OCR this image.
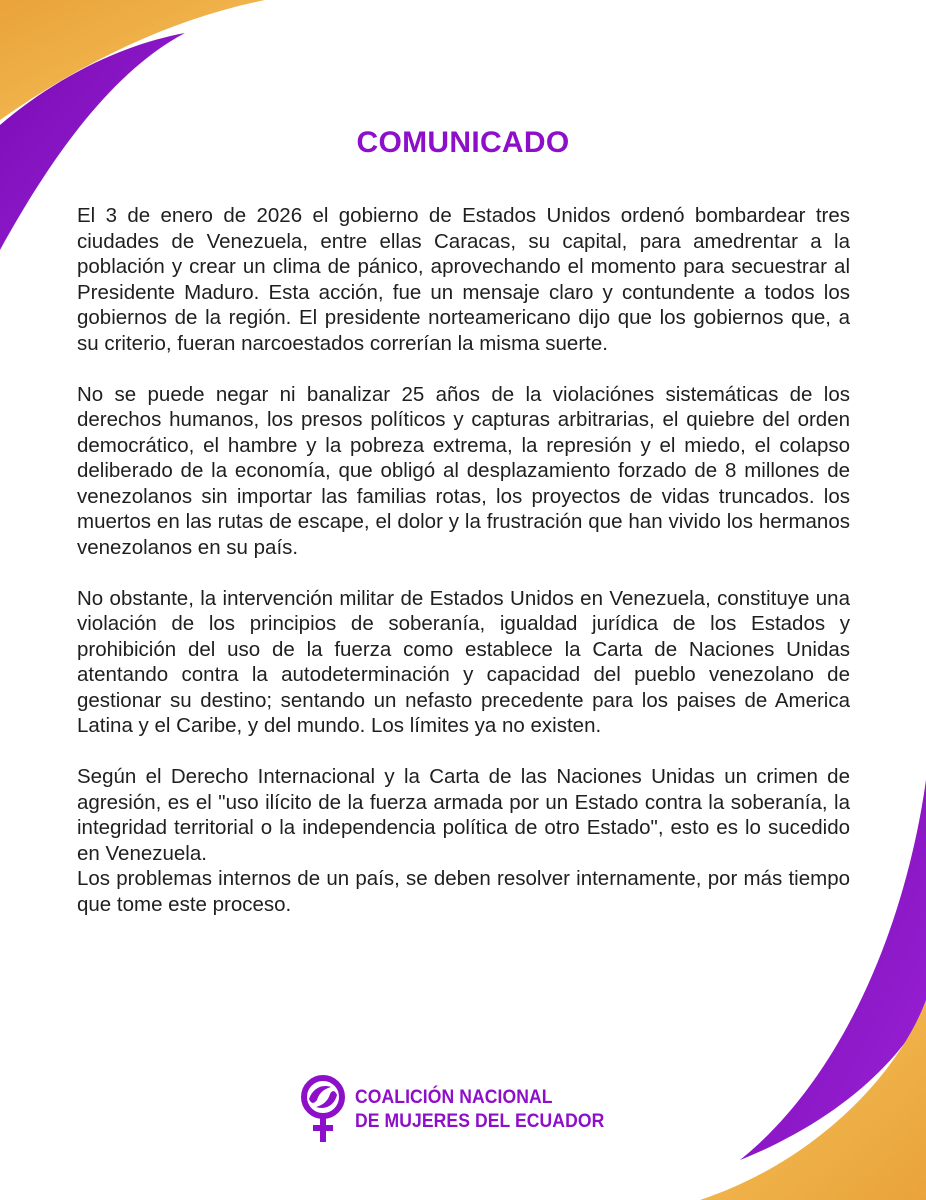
COMUNICADO

El 3 de enero de 2026 el gobierno de Estados Unidos ordenó bombardear tres ciudades de Venezuela, entre ellas Caracas, su capital, para amedrentar a la población y crear un clima de pánico, aprovechando el momento para secuestrar al Presidente Maduro. Esta acción, fue un mensaje claro y contundente a todos los gobiernos de la región. El presidente norteamericano dijo que los gobiernos que, a su criterio, fueran narcoestados correrían la misma suerte.

No se puede negar ni banalizar 25 años de la violaciónes sistemáticas de los derechos humanos, los presos políticos y capturas arbitrarias, el quiebre del orden democrático, el hambre y la pobreza extrema, la represión y el miedo, el colapso deliberado de la economía, que obligó al desplazamiento forzado de 8 millones de venezolanos sin importar las familias rotas, los proyectos de vidas truncados. los muertos en las rutas de escape, el dolor y la frustración que han vivido los hermanos venezolanos en su país.

No obstante, la intervención militar de Estados Unidos en Venezuela, constituye una violación de los principios de soberanía, igualdad jurídica de los Estados y prohibición del uso de la fuerza como establece la Carta de Naciones Unidas atentando contra la autodeterminación y capacidad del pueblo venezolano de gestionar su destino; sentando un nefasto precedente para los paises de America Latina y el Caribe, y del mundo. Los límites ya no existen.

Según el Derecho Internacional y la Carta de las Naciones Unidas un crimen de agresión, es el "uso ilícito de la fuerza armada por un Estado contra la soberanía, la integridad territorial o la independencia política de otro Estado", esto es lo sucedido en Venezuela.

Los problemas internos de un país, se deben resolver internamente, por más tiempo que tome este proceso.

COALICIÓN NACIONAL
DE MUJERES DEL ECUADOR
